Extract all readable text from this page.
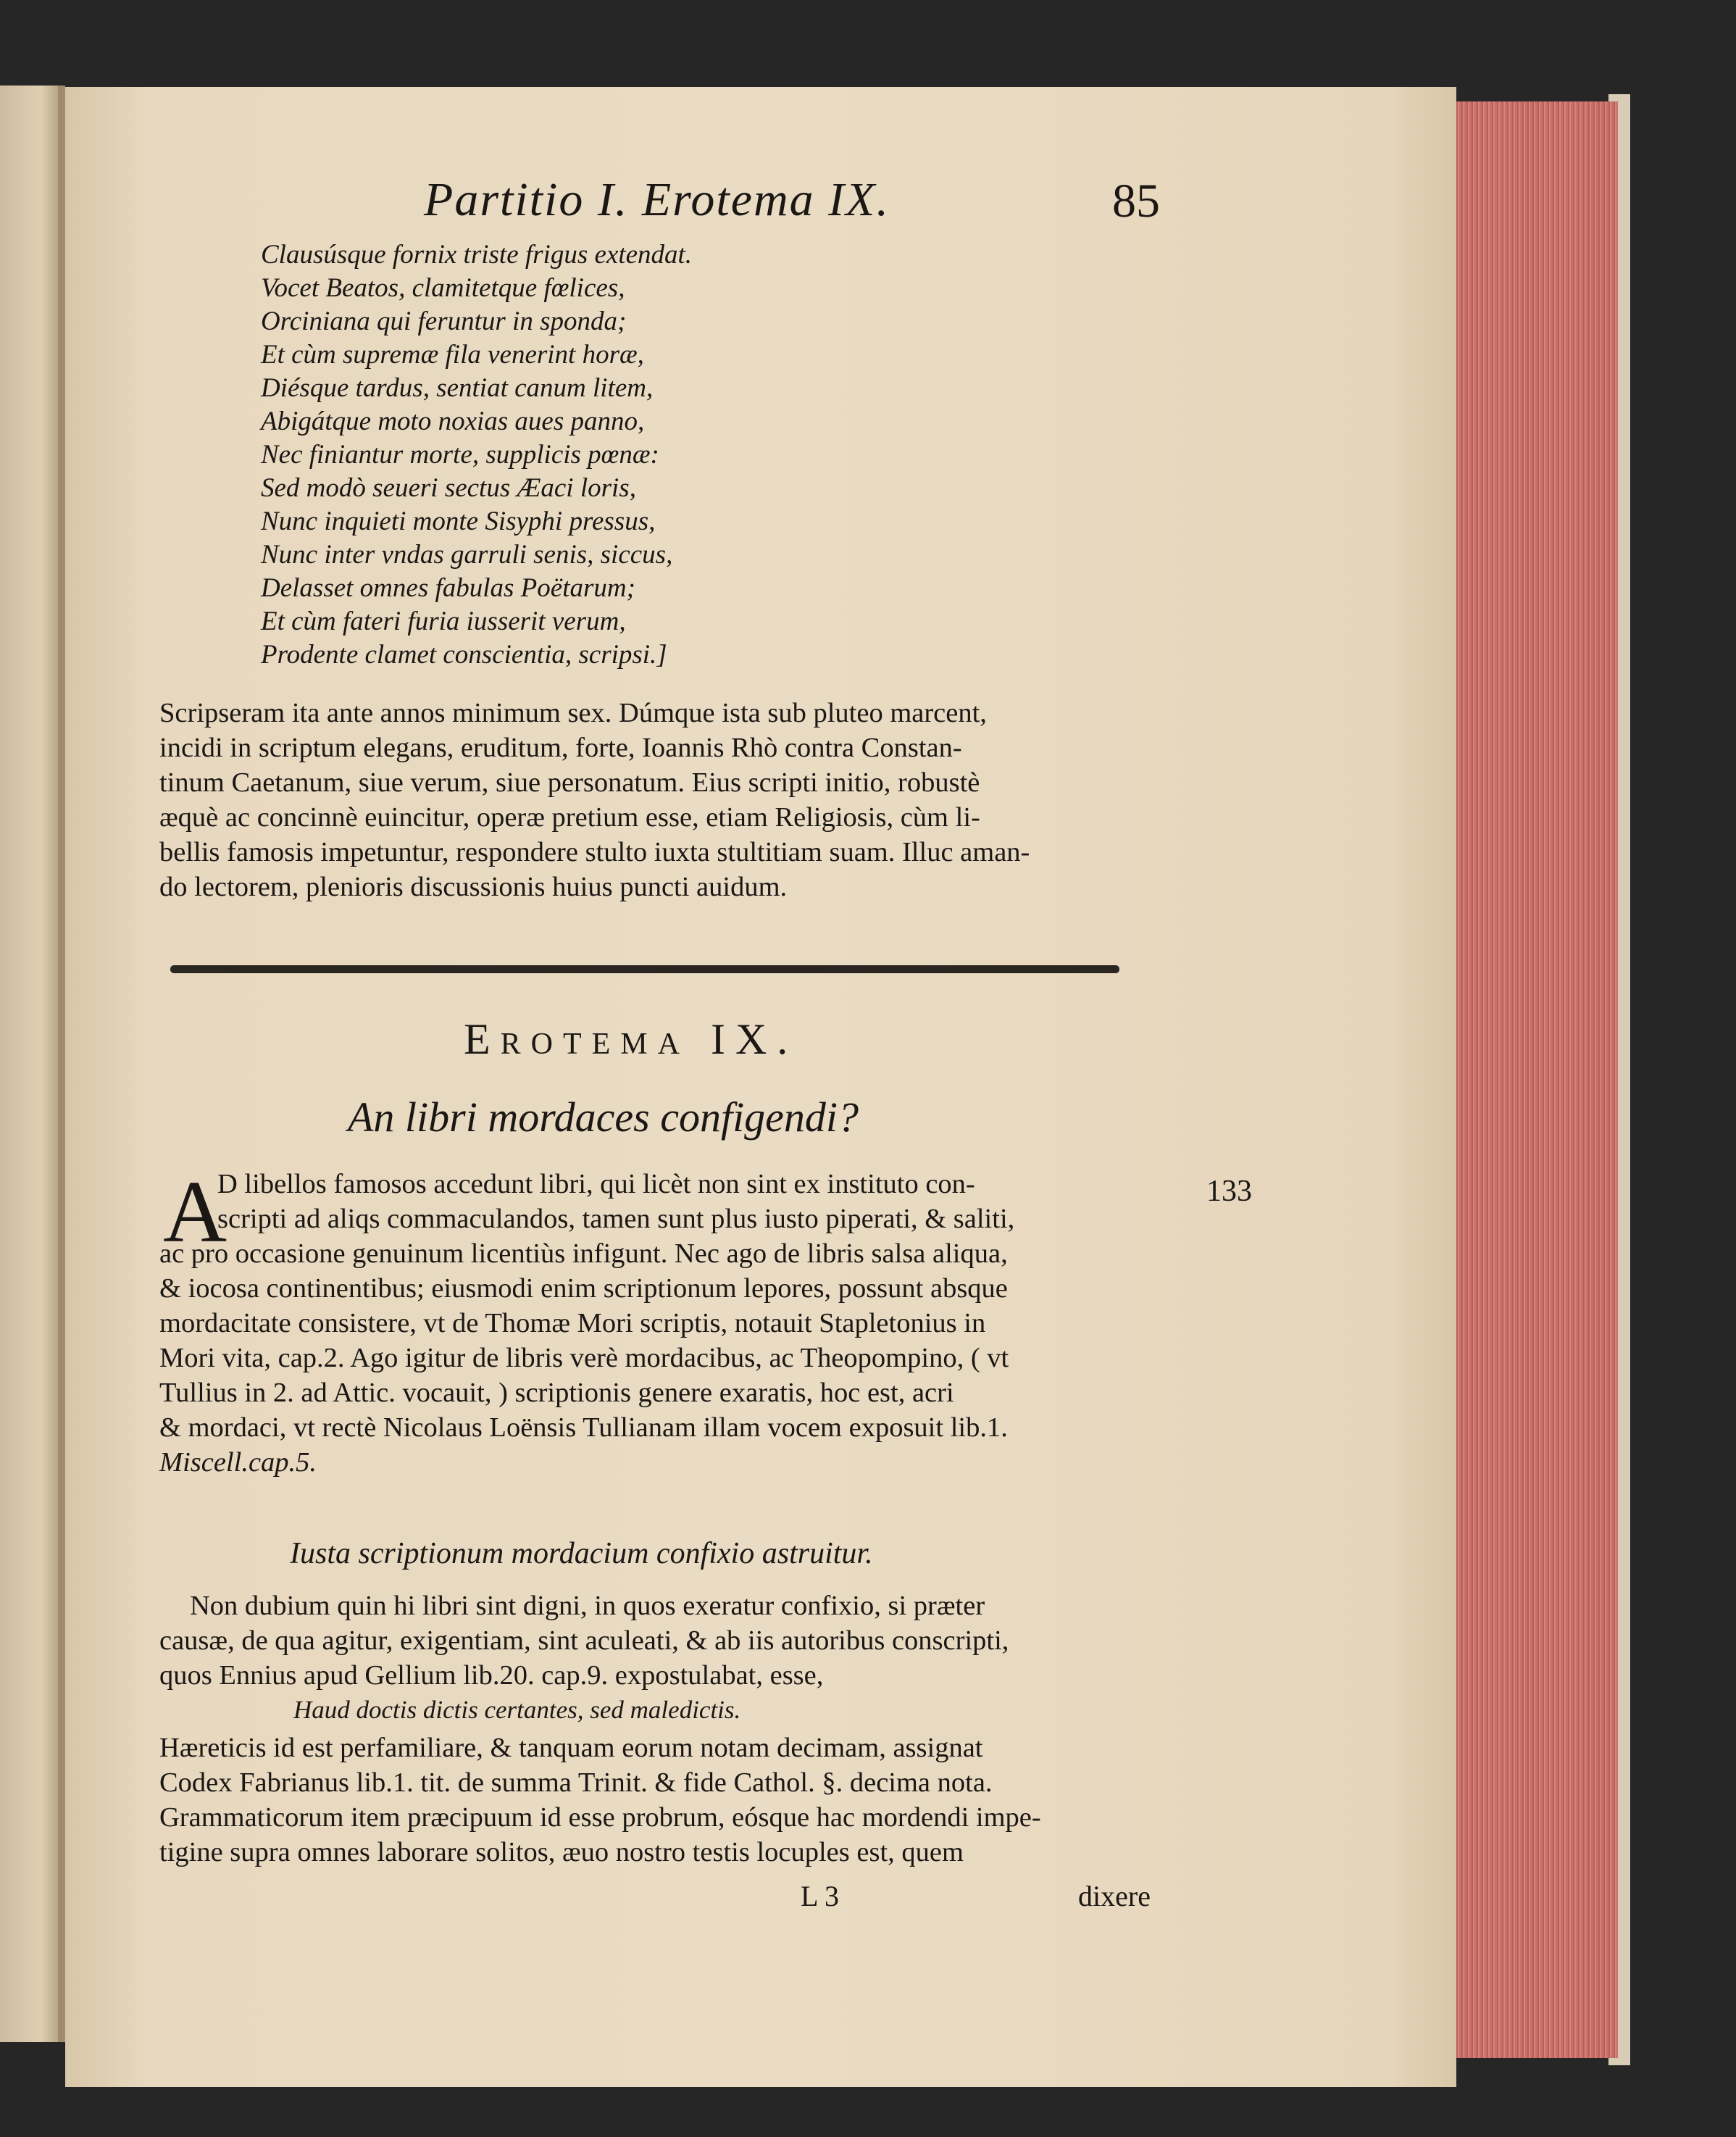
Partitio I. Erotema IX.	85
Clausúsque fornix triste frigus extendat.
Vocet Beatos, clamitetque fœlices,
Orciniana qui feruntur in sponda;
Et cùm supremæ fila venerint horæ,
Diésque tardus, sentiat canum litem,
Abigátque moto noxias aues panno,
Nec finiantur morte, supplicis pœnæ:
Sed modò seueri sectus Æaci loris,
Nunc inquieti monte Sisyphi pressus,
Nunc inter vndas garruli senis, siccus,
Delasset omnes fabulas Poëtarum;
Et cùm fateri furia iusserit verum,
Prodente clamet conscientia, scripsi.]
Scripseram ita ante annos minimum sex. Dúmque ista sub pluteo marcent,
incidi in scriptum elegans, eruditum, forte, Ioannis Rhò contra Constan-
tinum Caetanum, siue verum, siue personatum. Eius scripti initio, robustè
æquè ac concinnè euincitur, operæ pretium esse, etiam Religiosis, cùm li-
bellis famosis impetuntur, respondere stulto iuxta stultitiam suam. Illuc aman-
do lectorem, plenioris discussionis huius puncti auidum.
Erotema IX.
An libri mordaces configendi?
A	133
D libellos famosos accedunt libri, qui licèt non sint ex instituto con-
scripti ad aliqs commaculandos, tamen sunt plus iusto piperati, & saliti,
ac pro occasione genuinum licentiùs infigunt. Nec ago de libris salsa aliqua,
& iocosa continentibus; eiusmodi enim scriptionum lepores, possunt absque
mordacitate consistere, vt de Thomæ Mori scriptis, notauit Stapletonius in
Mori vita, cap.2. Ago igitur de libris verè mordacibus, ac Theopompino, ( vt
Tullius in 2. ad Attic. vocauit, ) scriptionis genere exaratis, hoc est, acri
& mordaci, vt rectè Nicolaus Loënsis Tullianam illam vocem exposuit lib.1.
Miscell.cap.5.
Iusta scriptionum mordacium confixio astruitur.
Non dubium quin hi libri sint digni, in quos exeratur confixio, si præter
causæ, de qua agitur, exigentiam, sint aculeati, & ab iis autoribus conscripti,
quos Ennius apud Gellium lib.20. cap.9. expostulabat, esse,
Haud doctis dictis certantes, sed maledictis.
Hæreticis id est perfamiliare, & tanquam eorum notam decimam, assignat
Codex Fabrianus lib.1. tit. de summa Trinit. & fide Cathol. §. decima nota.
Grammaticorum item præcipuum id esse probrum, eósque hac mordendi impe-
tigine supra omnes laborare solitos, æuo nostro testis locuples est, quem
L 3	dixere
